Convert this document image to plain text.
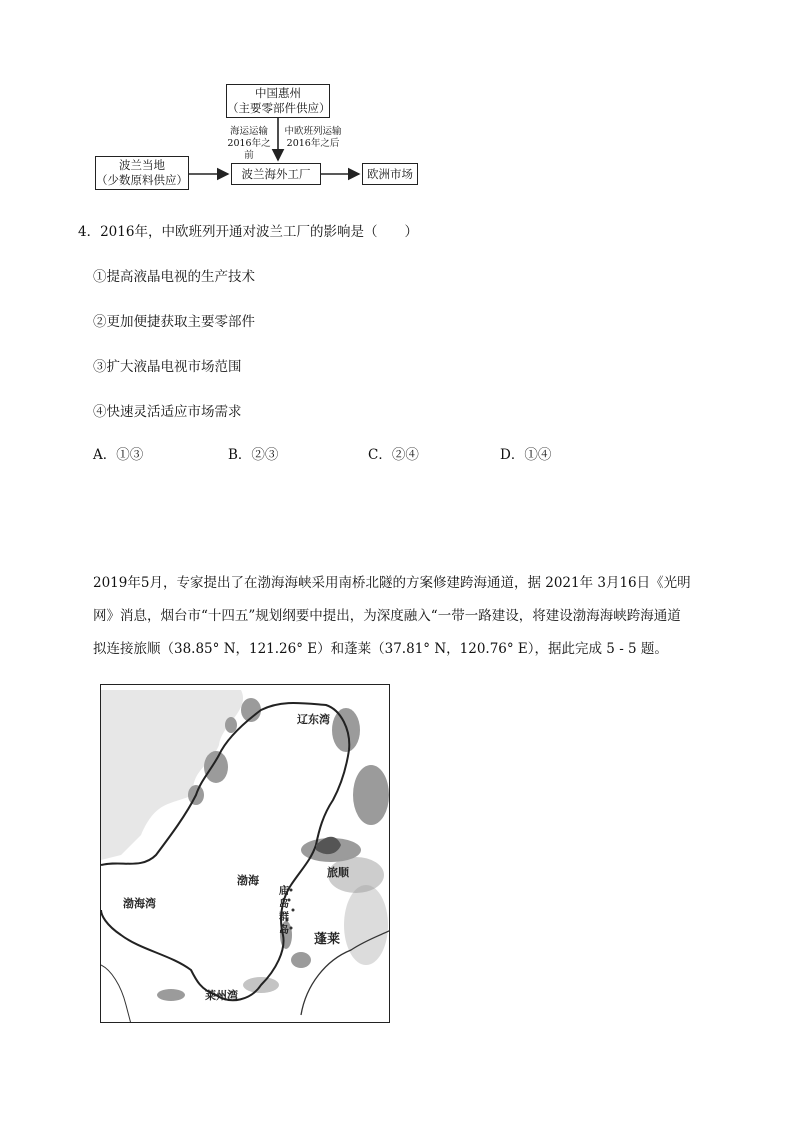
中国惠州
（主要零部件供应）
波兰当地
（少数原料供应）	波兰海外工厂	欧洲市场
海运运输
2016年之前
中欧班列运输
2016年之后
4．2016年，中欧班列开通对波兰工厂的影响是（　　）
①提高液晶电视的生产技术
②更加便捷获取主要零部件
③扩大液晶电视市场范围
④快速灵活适应市场需求
A．①③	B．②③	C．②④	D．①④
2019年5月，专家提出了在渤海海峡采用南桥北隧的方案修建跨海通道，据 2021年 3月16日《光明
网》消息，烟台市“十四五”规划纲要中提出，为深度融入“一带一路建设，将建设渤海海峡跨海通道
拟连接旅顺（38.85° N，121.26° E）和蓬莱（37.81° N，120.76° E），据此完成 5 - 5 题。
辽东湾
渤海
渤海湾
旅顺
庙岛群岛
蓬莱
莱州湾
